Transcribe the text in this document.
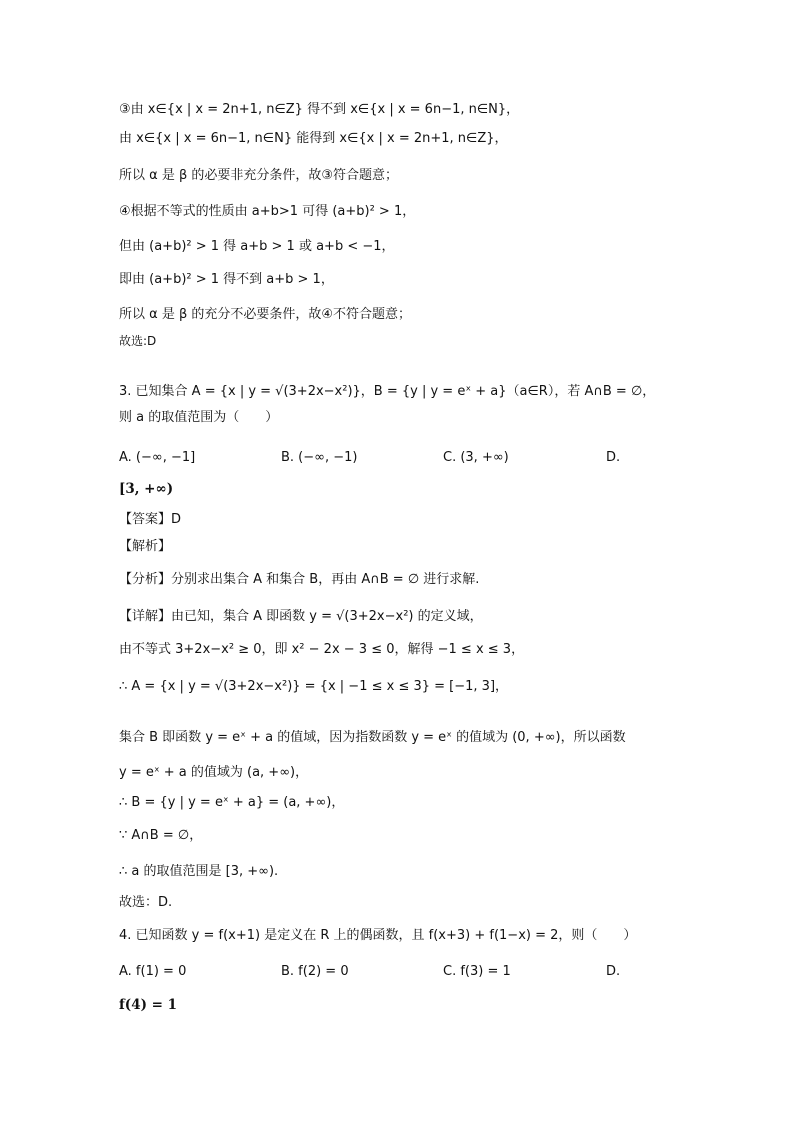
③由 x∈{x | x = 2n+1, n∈Z} 得不到 x∈{x | x = 6n−1, n∈N}，
由 x∈{x | x = 6n−1, n∈N} 能得到 x∈{x | x = 2n+1, n∈Z}，
所以 α 是 β 的必要非充分条件，故③符合题意；
④根据不等式的性质由 a+b>1 可得 (a+b)² > 1，
但由 (a+b)² > 1 得 a+b > 1 或 a+b < −1，
即由 (a+b)² > 1 得不到 a+b > 1，
所以 α 是 β 的充分不必要条件，故④不符合题意；
故选:D
3. 已知集合 A = {x | y = √(3+2x−x²)}，B = {y | y = eˣ + a}（a∈R），若 A∩B = ∅，
则 a 的取值范围为（　　）
A. (−∞, −1]	B. (−∞, −1)	C. (3, +∞)	D.
[3, +∞)
【答案】D
【解析】
【分析】分别求出集合 A 和集合 B，再由 A∩B = ∅ 进行求解.
【详解】由已知，集合 A 即函数 y = √(3+2x−x²) 的定义域，
由不等式 3+2x−x² ≥ 0，即 x² − 2x − 3 ≤ 0，解得 −1 ≤ x ≤ 3，
∴ A = {x | y = √(3+2x−x²)} = {x | −1 ≤ x ≤ 3} = [−1, 3]，
集合 B 即函数 y = eˣ + a 的值域，因为指数函数 y = eˣ 的值域为 (0, +∞)，所以函数
y = eˣ + a 的值域为 (a, +∞)，
∴ B = {y | y = eˣ + a} = (a, +∞)，
∵ A∩B = ∅，
∴ a 的取值范围是 [3, +∞).
故选：D.
4. 已知函数 y = f(x+1) 是定义在 R 上的偶函数，且 f(x+3) + f(1−x) = 2，则（　　）
A. f(1) = 0	B. f(2) = 0	C. f(3) = 1	D.
f(4) = 1
